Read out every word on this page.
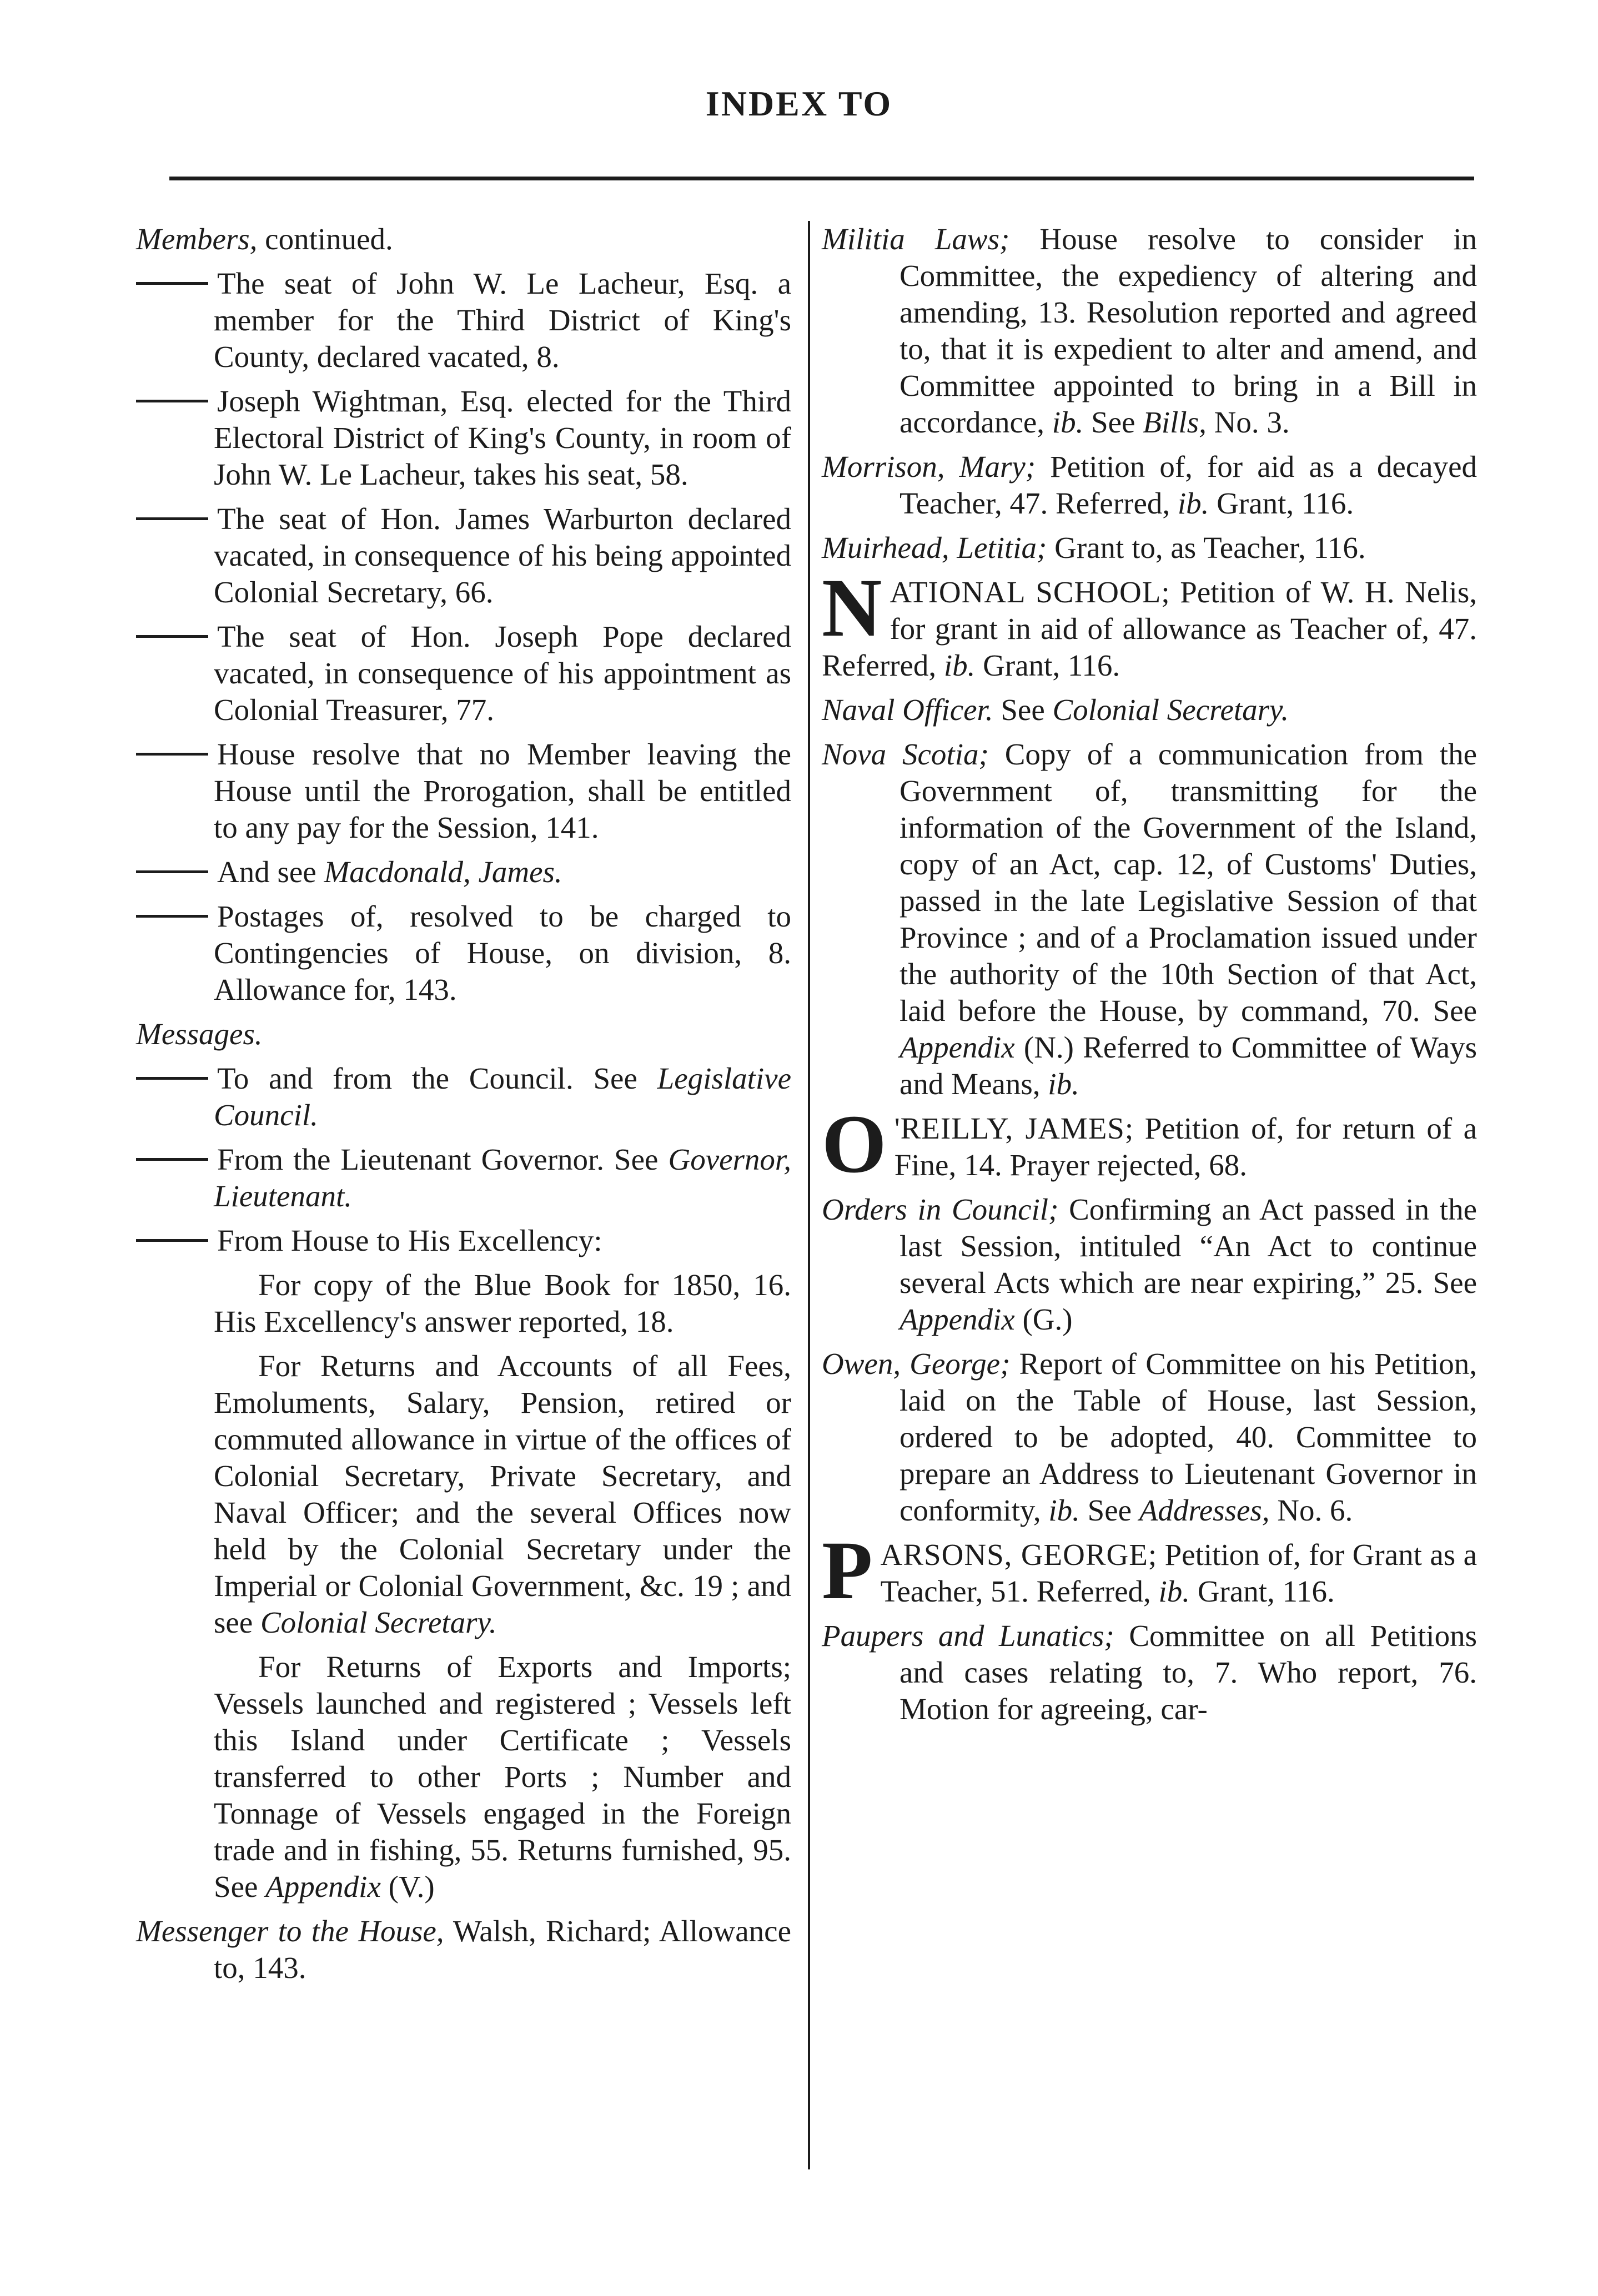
INDEX TO

Members, continued.

The seat of John W. Le Lacheur, Esq. a member for the Third District of King's County, declared vacated, 8.

Joseph Wightman, Esq. elected for the Third Electoral District of King's County, in room of John W. Le Lacheur, takes his seat, 58.

The seat of Hon. James Warburton declared vacated, in consequence of his being appointed Colonial Secretary, 66.

The seat of Hon. Joseph Pope declared vacated, in consequence of his appointment as Colonial Treasurer, 77.

House resolve that no Member leaving the House until the Prorogation, shall be entitled to any pay for the Session, 141.

And see Macdonald, James.

Postages of, resolved to be charged to Contingencies of House, on division, 8. Allowance for, 143.

Messages.

To and from the Council. See Legislative Council.

From the Lieutenant Governor. See Governor, Lieutenant.

From House to His Excellency:

For copy of the Blue Book for 1850, 16. His Excellency's answer reported, 18.

For Returns and Accounts of all Fees, Emoluments, Salary, Pension, retired or commuted allowance in virtue of the offices of Colonial Secretary, Private Secretary, and Naval Officer; and the several Offices now held by the Colonial Secretary under the Imperial or Colonial Government, &c. 19 ; and see Colonial Secretary.

For Returns of Exports and Imports; Vessels launched and registered ; Vessels left this Island under Certificate ; Vessels transferred to other Ports ; Number and Tonnage of Vessels engaged in the Foreign trade and in fishing, 55. Returns furnished, 95. See Appendix (V.)

Messenger to the House, Walsh, Richard; Allowance to, 143.

Militia Laws; House resolve to consider in Committee, the expediency of altering and amending, 13. Resolution reported and agreed to, that it is expedient to alter and amend, and Committee appointed to bring in a Bill in accordance, ib. See Bills, No. 3.

Morrison, Mary; Petition of, for aid as a decayed Teacher, 47. Referred, ib. Grant, 116.

Muirhead, Letitia; Grant to, as Teacher, 116.

N ATIONAL SCHOOL; Petition of W. H. Nelis, for grant in aid of allowance as Teacher of, 47. Referred, ib. Grant, 116.

Naval Officer. See Colonial Secretary.

Nova Scotia; Copy of a communication from the Government of, transmitting for the information of the Government of the Island, copy of an Act, cap. 12, of Customs' Duties, passed in the late Legislative Session of that Province ; and of a Proclamation issued under the authority of the 10th Section of that Act, laid before the House, by command, 70. See Appendix (N.) Referred to Committee of Ways and Means, ib.

O 'REILLY, JAMES; Petition of, for return of a Fine, 14. Prayer rejected, 68.

Orders in Council; Confirming an Act passed in the last Session, intituled “An Act to continue several Acts which are near expiring,” 25. See Appendix (G.)

Owen, George; Report of Committee on his Petition, laid on the Table of House, last Session, ordered to be adopted, 40. Committee to prepare an Address to Lieutenant Governor in conformity, ib. See Addresses, No. 6.

P ARSONS, GEORGE; Petition of, for Grant as a Teacher, 51. Referred, ib. Grant, 116.

Paupers and Lunatics; Committee on all Petitions and cases relating to, 7. Who report, 76. Motion for agreeing, car-
